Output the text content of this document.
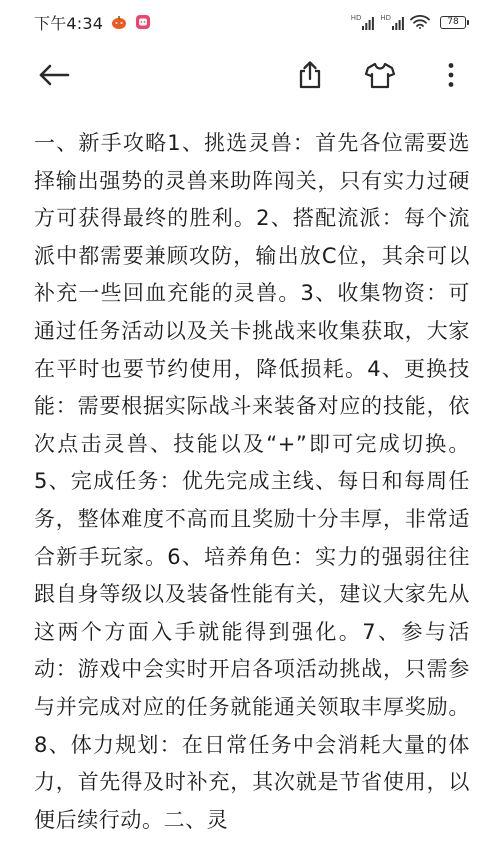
下午4:34	HD	HD	78

一、新手攻略1、挑选灵兽：首先各位需要选择输出强势的灵兽来助阵闯关，只有实力过硬方可获得最终的胜利。2、搭配流派：每个流派中都需要兼顾攻防，输出放C位，其余可以补充一些回血充能的灵兽。3、收集物资：可通过任务活动以及关卡挑战来收集获取，大家在平时也要节约使用，降低损耗。4、更换技能：需要根据实际战斗来装备对应的技能，依次点击灵兽、技能以及“+”即可完成切换。5、完成任务：优先完成主线、每日和每周任务，整体难度不高而且奖励十分丰厚，非常适合新手玩家。6、培养角色：实力的强弱往往跟自身等级以及装备性能有关，建议大家先从这两个方面入手就能得到强化。7、参与活动：游戏中会实时开启各项活动挑战，只需参与并完成对应的任务就能通关领取丰厚奖励。8、体力规划：在日常任务中会消耗大量的体力，首先得及时补充，其次就是节省使用，以便后续行动。二、灵
